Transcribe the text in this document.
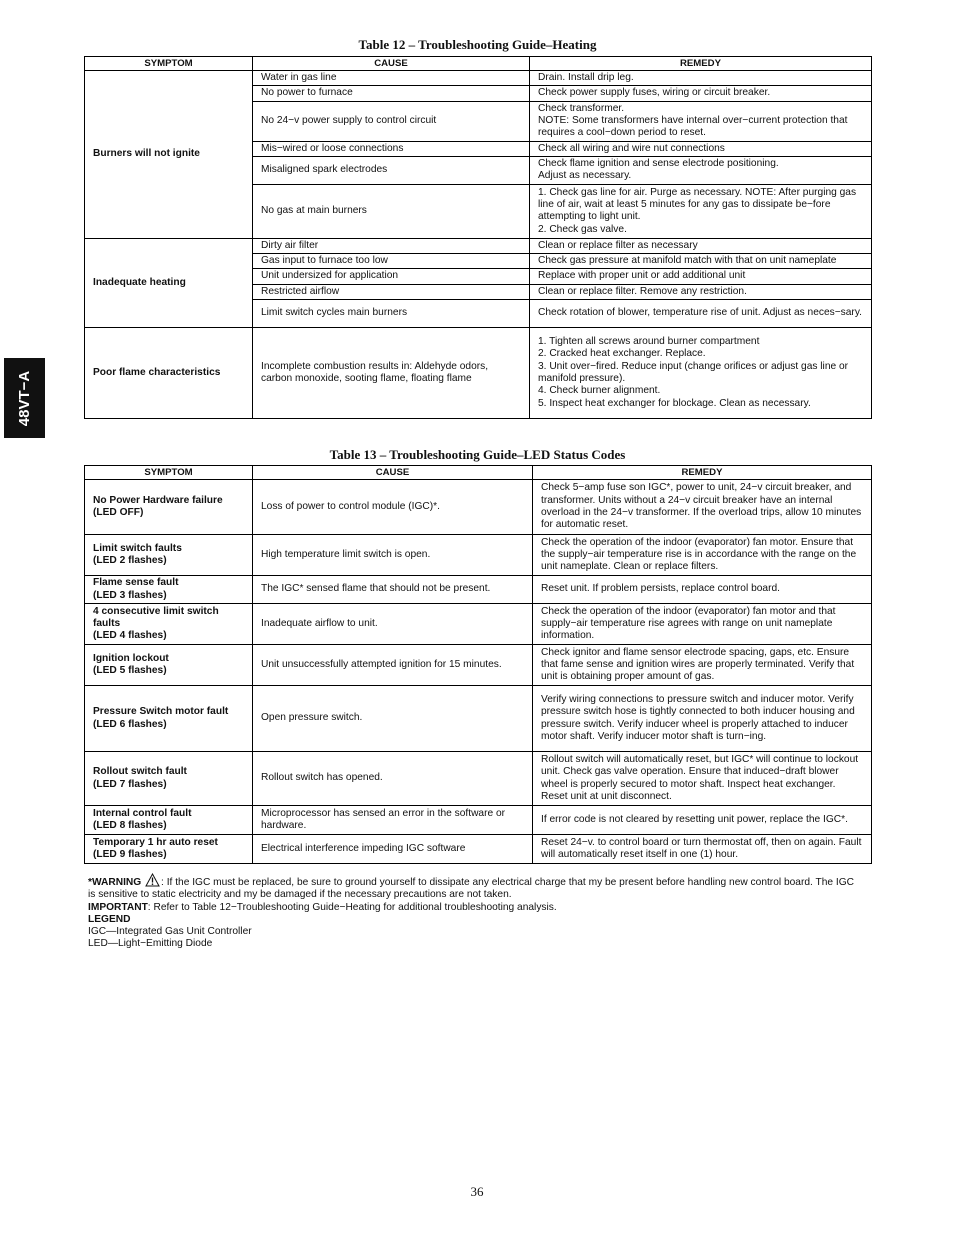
48VT−A
Table 12 – Troubleshooting Guide–Heating
SYMPTOM	CAUSE	REMEDY
Burners will not ignite	Water in gas line	Drain. Install drip leg.
	No power to furnace	Check power supply fuses, wiring or circuit breaker.
	No 24−v power supply to control circuit	Check transformer.
NOTE: Some transformers have internal over−current protection that requires a cool−down period to reset.
	Mis−wired or loose connections	Check all wiring and wire nut connections
	Misaligned spark electrodes	Check flame ignition and sense electrode positioning.
Adjust as necessary.
	No gas at main burners	1. Check gas line for air. Purge as necessary. NOTE: After purging gas line of air, wait at least 5 minutes for any gas to dissipate be−fore attempting to light unit.
2. Check gas valve.
Inadequate heating	Dirty air filter	Clean or replace filter as necessary
	Gas input to furnace too low	Check gas pressure at manifold match with that on unit nameplate
	Unit undersized for application	Replace with proper unit or add additional unit
	Restricted airflow	Clean or replace filter. Remove any restriction.
	Limit switch cycles main burners	Check rotation of blower, temperature rise of unit. Adjust as neces−sary.
Poor flame characteristics	Incomplete combustion results in: Aldehyde odors, carbon monoxide, sooting flame, floating flame	1. Tighten all screws around burner compartment
2. Cracked heat exchanger. Replace.
3. Unit over−fired. Reduce input (change orifices or adjust gas line or manifold pressure).
4. Check burner alignment.
5. Inspect heat exchanger for blockage. Clean as necessary.
Table 13 – Troubleshooting Guide–LED Status Codes
SYMPTOM	CAUSE	REMEDY
No Power Hardware failure
(LED OFF)	Loss of power to control module (IGC)*.	Check 5−amp fuse son IGC*, power to unit, 24−v circuit breaker, and transformer. Units without a 24−v circuit breaker have an internal overload in the 24−v transformer. If the overload trips, allow 10 minutes for automatic reset.
Limit switch faults
(LED 2 flashes)	High temperature limit switch is open.	Check the operation of the indoor (evaporator) fan motor. Ensure that the supply−air temperature rise is in accordance with the range on the unit nameplate. Clean or replace filters.
Flame sense fault
(LED 3 flashes)	The IGC* sensed flame that should not be present.	Reset unit. If problem persists, replace control board.
4 consecutive limit switch faults
(LED 4 flashes)	Inadequate airflow to unit.	Check the operation of the indoor (evaporator) fan motor and that supply−air temperature rise agrees with range on unit nameplate information.
Ignition lockout
(LED 5 flashes)	Unit unsuccessfully attempted ignition for 15 minutes.	Check ignitor and flame sensor electrode spacing, gaps, etc. Ensure that fame sense and ignition wires are properly terminated. Verify that unit is obtaining proper amount of gas.
Pressure Switch motor fault
(LED 6 flashes)	Open pressure switch.	Verify wiring connections to pressure switch and inducer motor. Verify pressure switch hose is tightly connected to both inducer housing and pressure switch. Verify inducer wheel is properly attached to inducer motor shaft. Verify inducer motor shaft is turn−ing.
Rollout switch fault
(LED 7 flashes)	Rollout switch has opened.	Rollout switch will automatically reset, but IGC* will continue to lockout unit. Check gas valve operation. Ensure that induced−draft blower wheel is properly secured to motor shaft. Inspect heat exchanger. Reset unit at unit disconnect.
Internal control fault
(LED 8 flashes)	Microprocessor has sensed an error in the software or hardware.	If error code is not cleared by resetting unit power, replace the IGC*.
Temporary 1 hr auto reset
(LED 9 flashes)	Electrical interference impeding IGC software	Reset 24−v. to control board or turn thermostat off, then on again. Fault will automatically reset itself in one (1) hour.

*WARNING : If the IGC must be replaced, be sure to ground yourself to dissipate any electrical charge that my be present before handling new control board. The IGC is sensitive to static electricity and my be damaged if the necessary precautions are not taken.

IMPORTANT: Refer to Table 12−Troubleshooting Guide−Heating for additional troubleshooting analysis.

LEGEND

IGC—Integrated Gas Unit Controller

LED—Light−Emitting Diode

36
